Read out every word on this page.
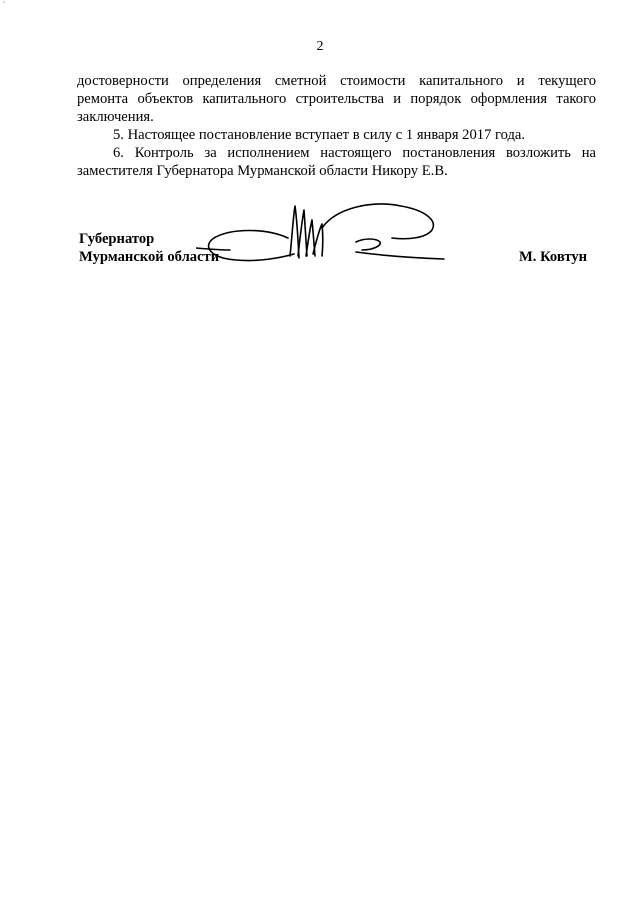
ˇ
2
достоверности определения сметной стоимости капитального и текущего
ремонта объектов капитального строительства и порядок оформления такого
заключения.
5. Настоящее постановление вступает в силу с 1 января 2017 года.
6. Контроль за исполнением настоящего постановления возложить на
заместителя Губернатора Мурманской области Никору Е.В.
Губернатор
Мурманской области	М. Ковтун
